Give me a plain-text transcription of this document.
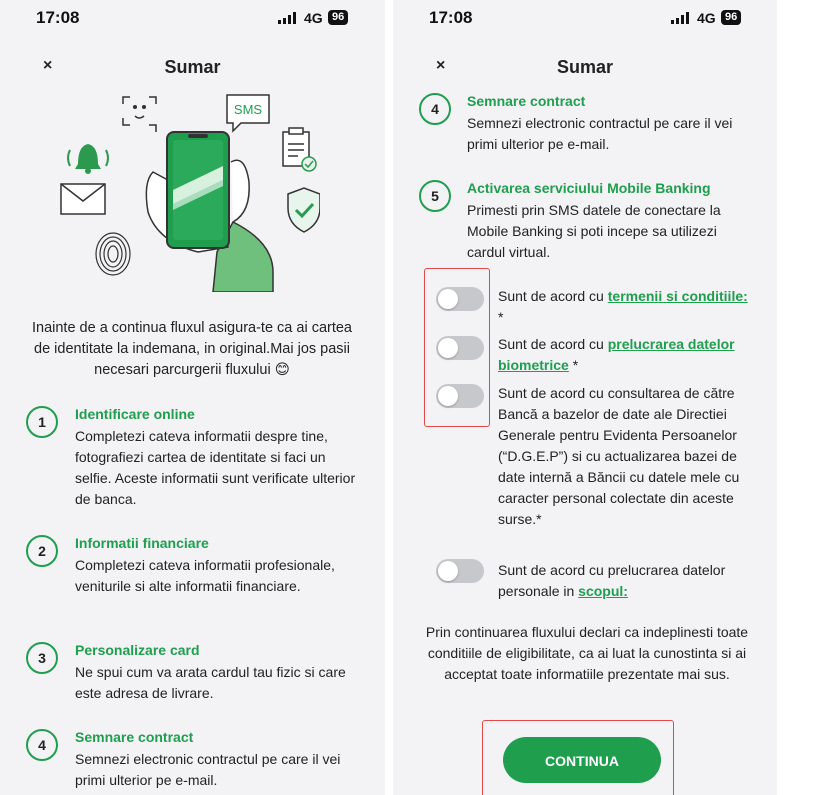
17:08	4G 96
×	Sumar
SMS
Inainte de a continua fluxul asigura-te ca ai cartea de identitate la indemana, in original.Mai jos pasii necesari parcurgerii fluxului 😊
1	Identificare online
Completezi cateva informatii despre tine, fotografiezi cartea de identitate si faci un selfie. Aceste informatii sunt verificate ulterior de banca.
2	Informatii financiare
Completezi cateva informatii profesionale, veniturile si alte informatii financiare.
3	Personalizare card
Ne spui cum va arata cardul tau fizic si care este adresa de livrare.
4	Semnare contract
Semnezi electronic contractul pe care il vei primi ulterior pe e-mail.
17:08	4G 96
×	Sumar
4	Semnare contract
Semnezi electronic contractul pe care il vei primi ulterior pe e-mail.
5	Activarea serviciului Mobile Banking
Primesti prin SMS datele de conectare la Mobile Banking si poti incepe sa utilizezi cardul virtual.
Sunt de acord cu termenii si conditiile: *
Sunt de acord cu prelucrarea datelor biometrice *
Sunt de acord cu consultarea de către Bancă a bazelor de date ale Directiei Generale pentru Evidenta Persoanelor (“D.G.E.P”) si cu actualizarea bazei de date internă a Băncii cu datele mele cu caracter personal colectate din aceste surse.*
Sunt de acord cu prelucrarea datelor personale in scopul:
Prin continuarea fluxului declari ca indeplinesti toate conditiile de eligibilitate, ca ai luat la cunostinta si ai acceptat toate informatiile prezentate mai sus.
CONTINUA
